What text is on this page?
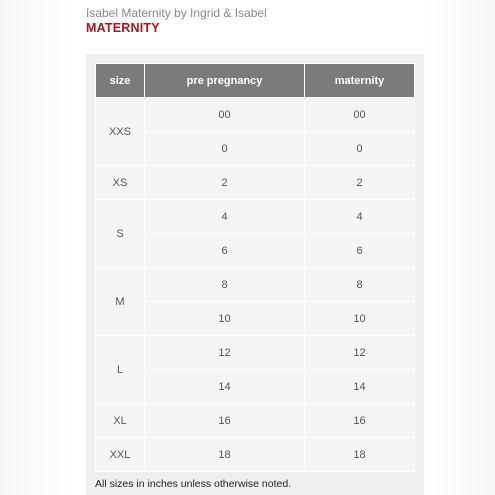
Isabel Maternity by Ingrid & Isabel
MATERNITY
size	pre pregnancy	maternity
XXS	00	00
	0	0
XS	2	2
S	4	4
	6	6
M	8	8
	10	10
L	12	12
	14	14
XL	16	16
XXL	18	18
All sizes in inches unless otherwise noted.
